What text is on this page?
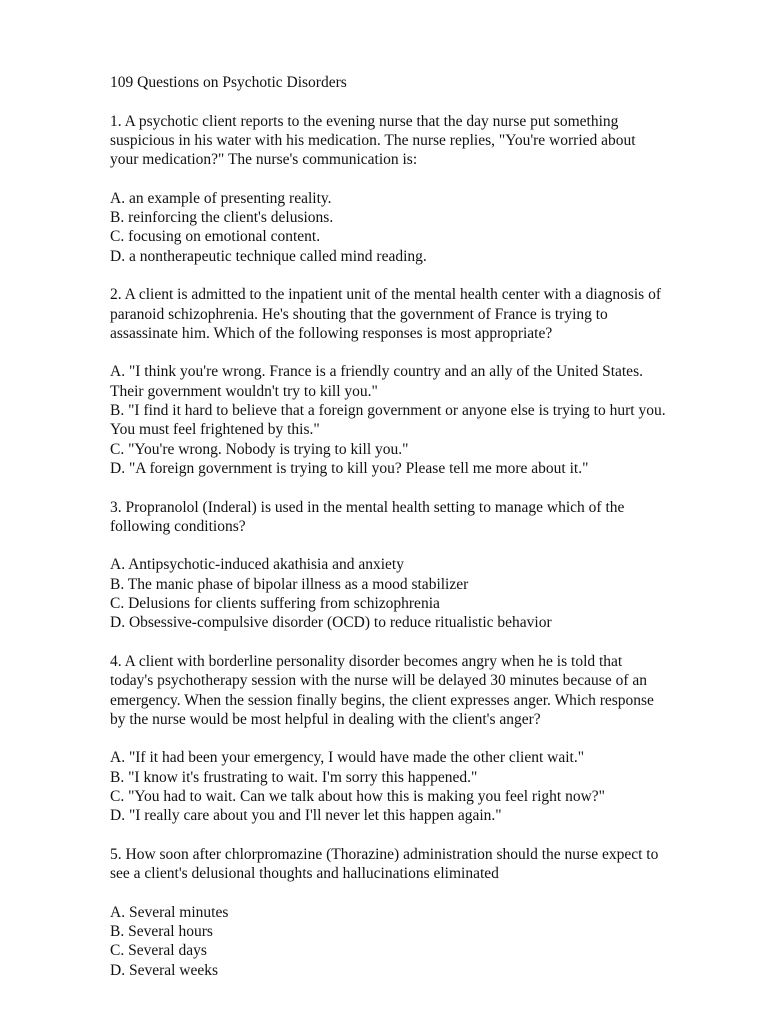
109 Questions on Psychotic Disorders
1. A psychotic client reports to the evening nurse that the day nurse put something
suspicious in his water with his medication. The nurse replies, "You're worried about
your medication?" The nurse's communication is:
A. an example of presenting reality.
B. reinforcing the client's delusions.
C. focusing on emotional content.
D. a nontherapeutic technique called mind reading.
2. A client is admitted to the inpatient unit of the mental health center with a diagnosis of
paranoid schizophrenia. He's shouting that the government of France is trying to
assassinate him. Which of the following responses is most appropriate?
A. "I think you're wrong. France is a friendly country and an ally of the United States.
Their government wouldn't try to kill you."
B. "I find it hard to believe that a foreign government or anyone else is trying to hurt you.
You must feel frightened by this."
C. "You're wrong. Nobody is trying to kill you."
D. "A foreign government is trying to kill you? Please tell me more about it."
3. Propranolol (Inderal) is used in the mental health setting to manage which of the
following conditions?
A. Antipsychotic-induced akathisia and anxiety
B. The manic phase of bipolar illness as a mood stabilizer
C. Delusions for clients suffering from schizophrenia
D. Obsessive-compulsive disorder (OCD) to reduce ritualistic behavior
4. A client with borderline personality disorder becomes angry when he is told that
today's psychotherapy session with the nurse will be delayed 30 minutes because of an
emergency. When the session finally begins, the client expresses anger. Which response
by the nurse would be most helpful in dealing with the client's anger?
A. "If it had been your emergency, I would have made the other client wait."
B. "I know it's frustrating to wait. I'm sorry this happened."
C. "You had to wait. Can we talk about how this is making you feel right now?"
D. "I really care about you and I'll never let this happen again."
5. How soon after chlorpromazine (Thorazine) administration should the nurse expect to
see a client's delusional thoughts and hallucinations eliminated
A. Several minutes
B. Several hours
C. Several days
D. Several weeks
